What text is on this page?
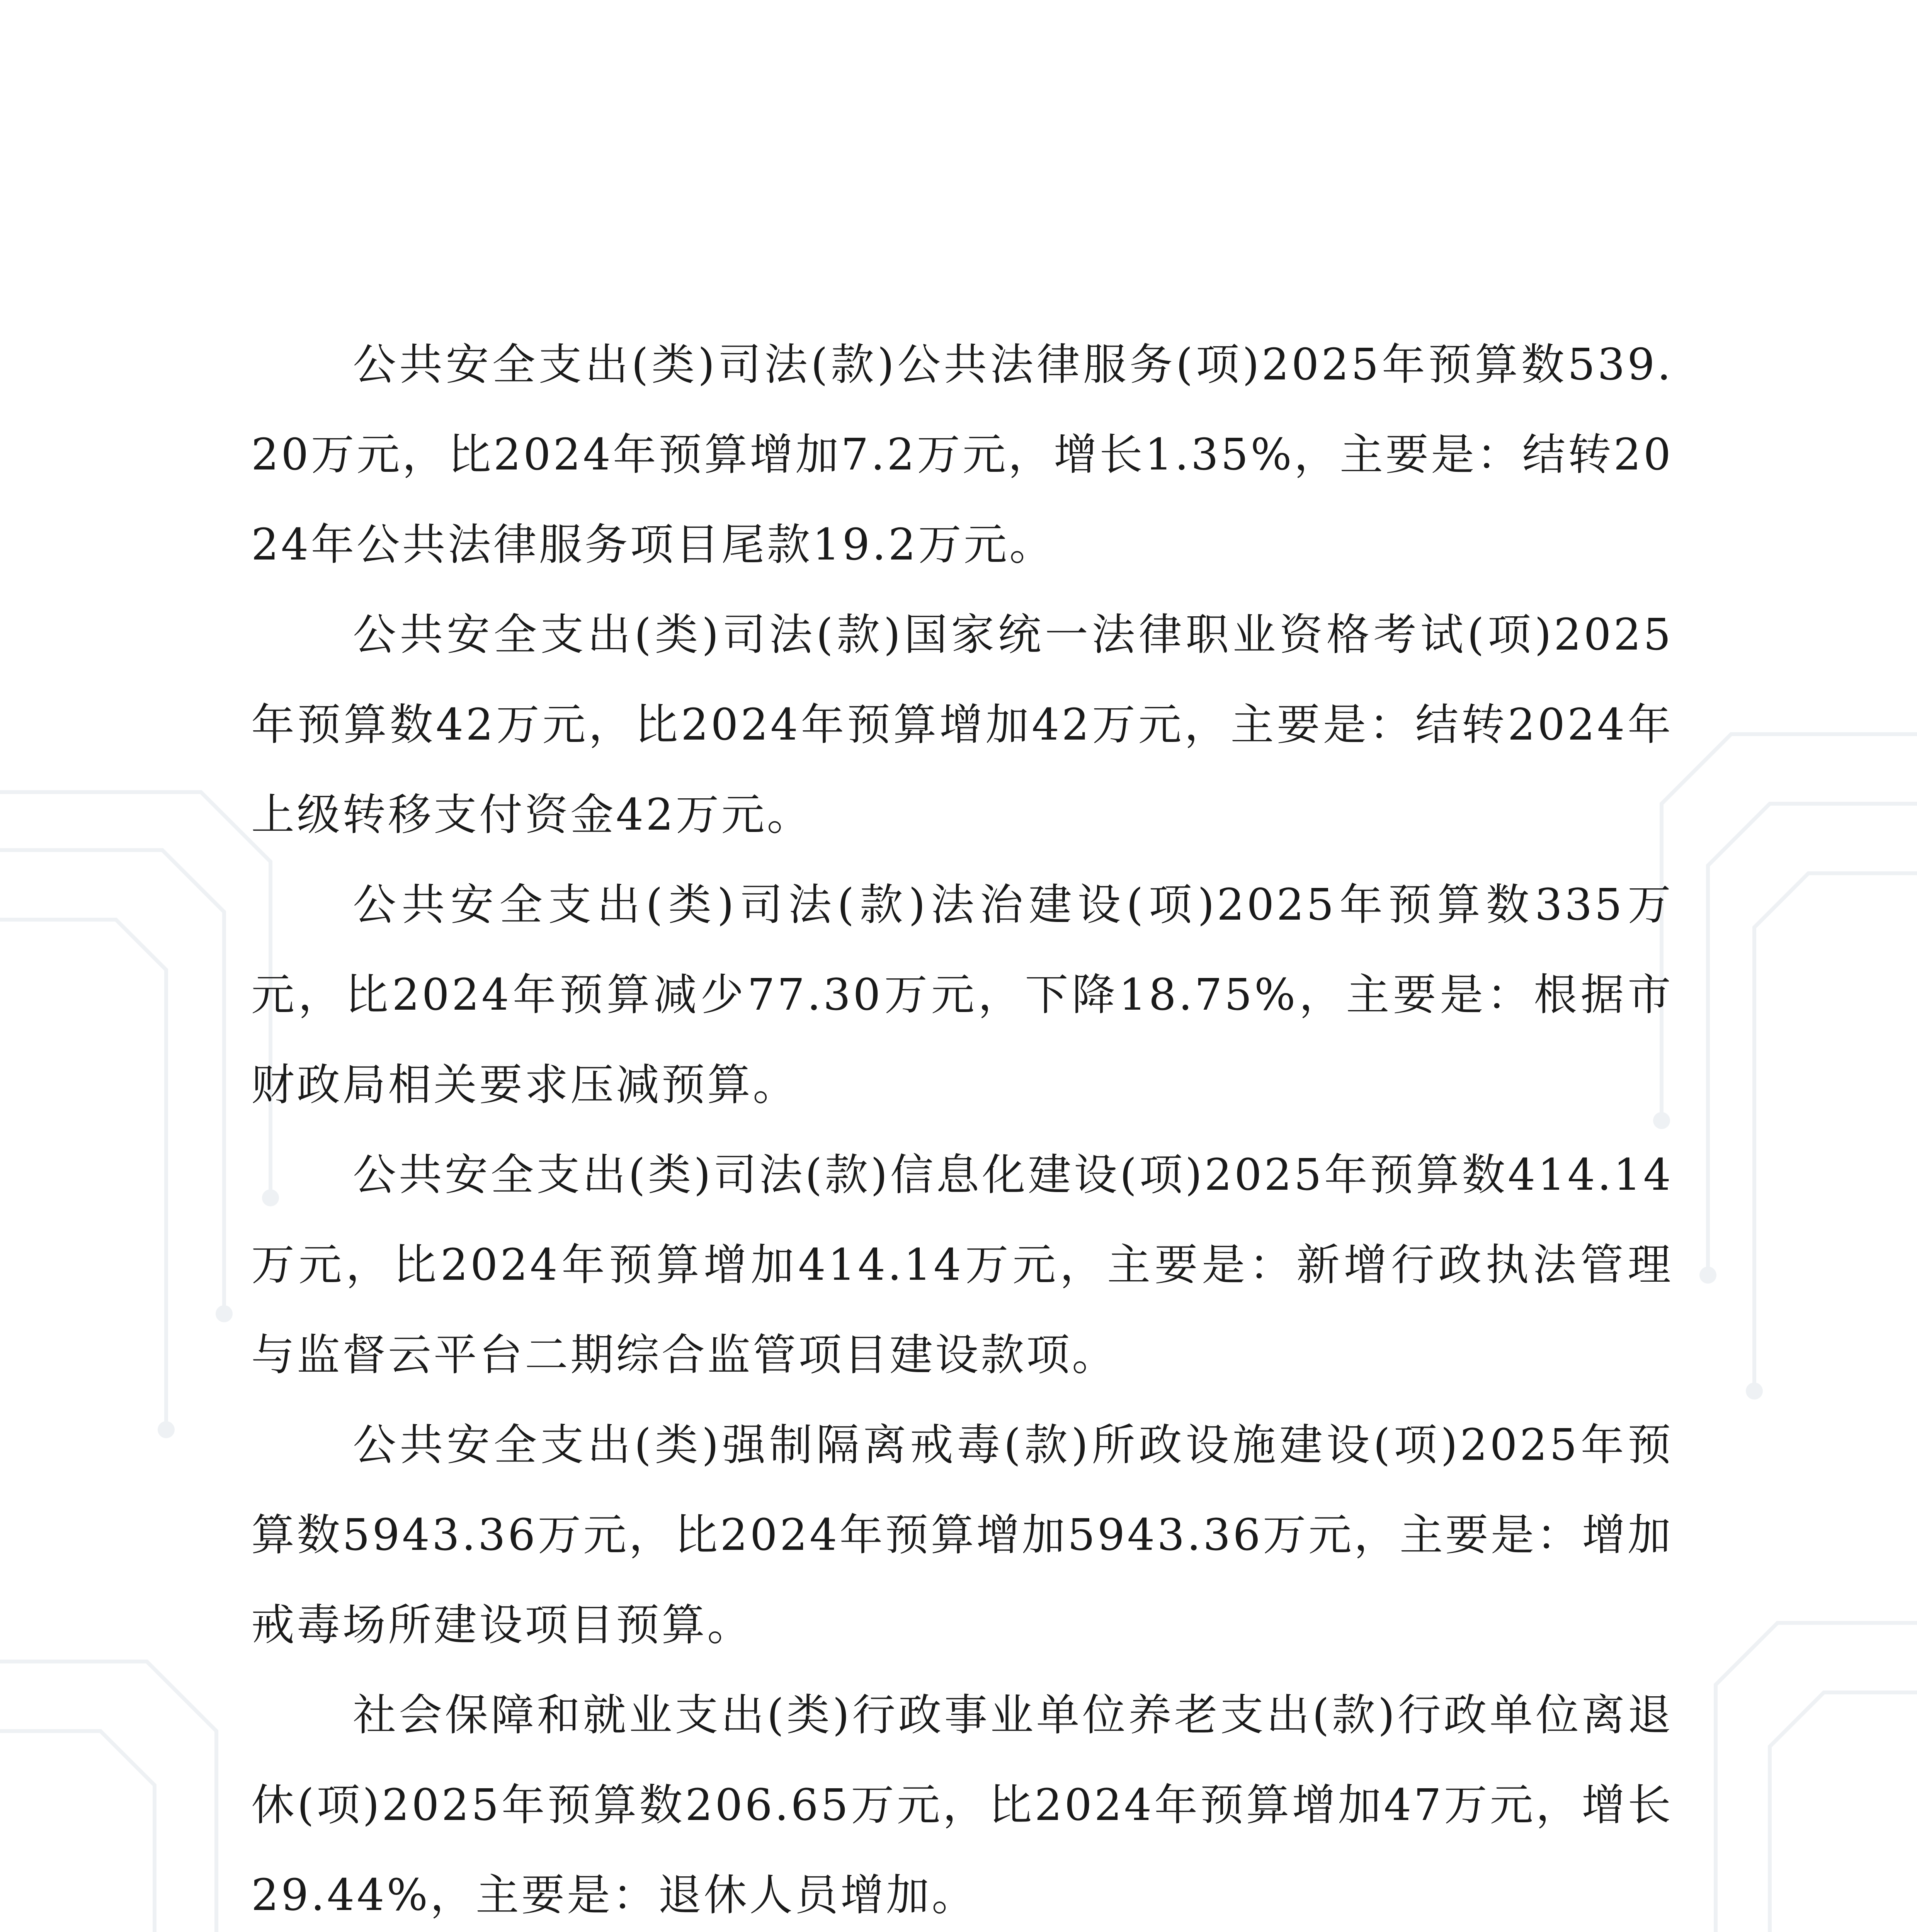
公共安全支出(类)司法(款)公共法律服务(项)2025年预算数539.20万元，比2024年预算增加7.2万元，增长1.35%，主要是：结转2024年公共法律服务项目尾款19.2万元。

公共安全支出(类)司法(款)国家统一法律职业资格考试(项)2025年预算数42万元，比2024年预算增加42万元，主要是：结转2024年上级转移支付资金42万元。

公共安全支出(类)司法(款)法治建设(项)2025年预算数335万元，比2024年预算减少77.30万元，下降18.75%，主要是：根据市财政局相关要求压减预算。

公共安全支出(类)司法(款)信息化建设(项)2025年预算数414.14万元，比2024年预算增加414.14万元，主要是：新增行政执法管理与监督云平台二期综合监管项目建设款项。

公共安全支出(类)强制隔离戒毒(款)所政设施建设(项)2025年预算数5943.36万元，比2024年预算增加5943.36万元，主要是：增加戒毒场所建设项目预算。

社会保障和就业支出(类)行政事业单位养老支出(款)行政单位离退休(项)2025年预算数206.65万元，比2024年预算增加47万元，增长29.44%，主要是：退休人员增加。
